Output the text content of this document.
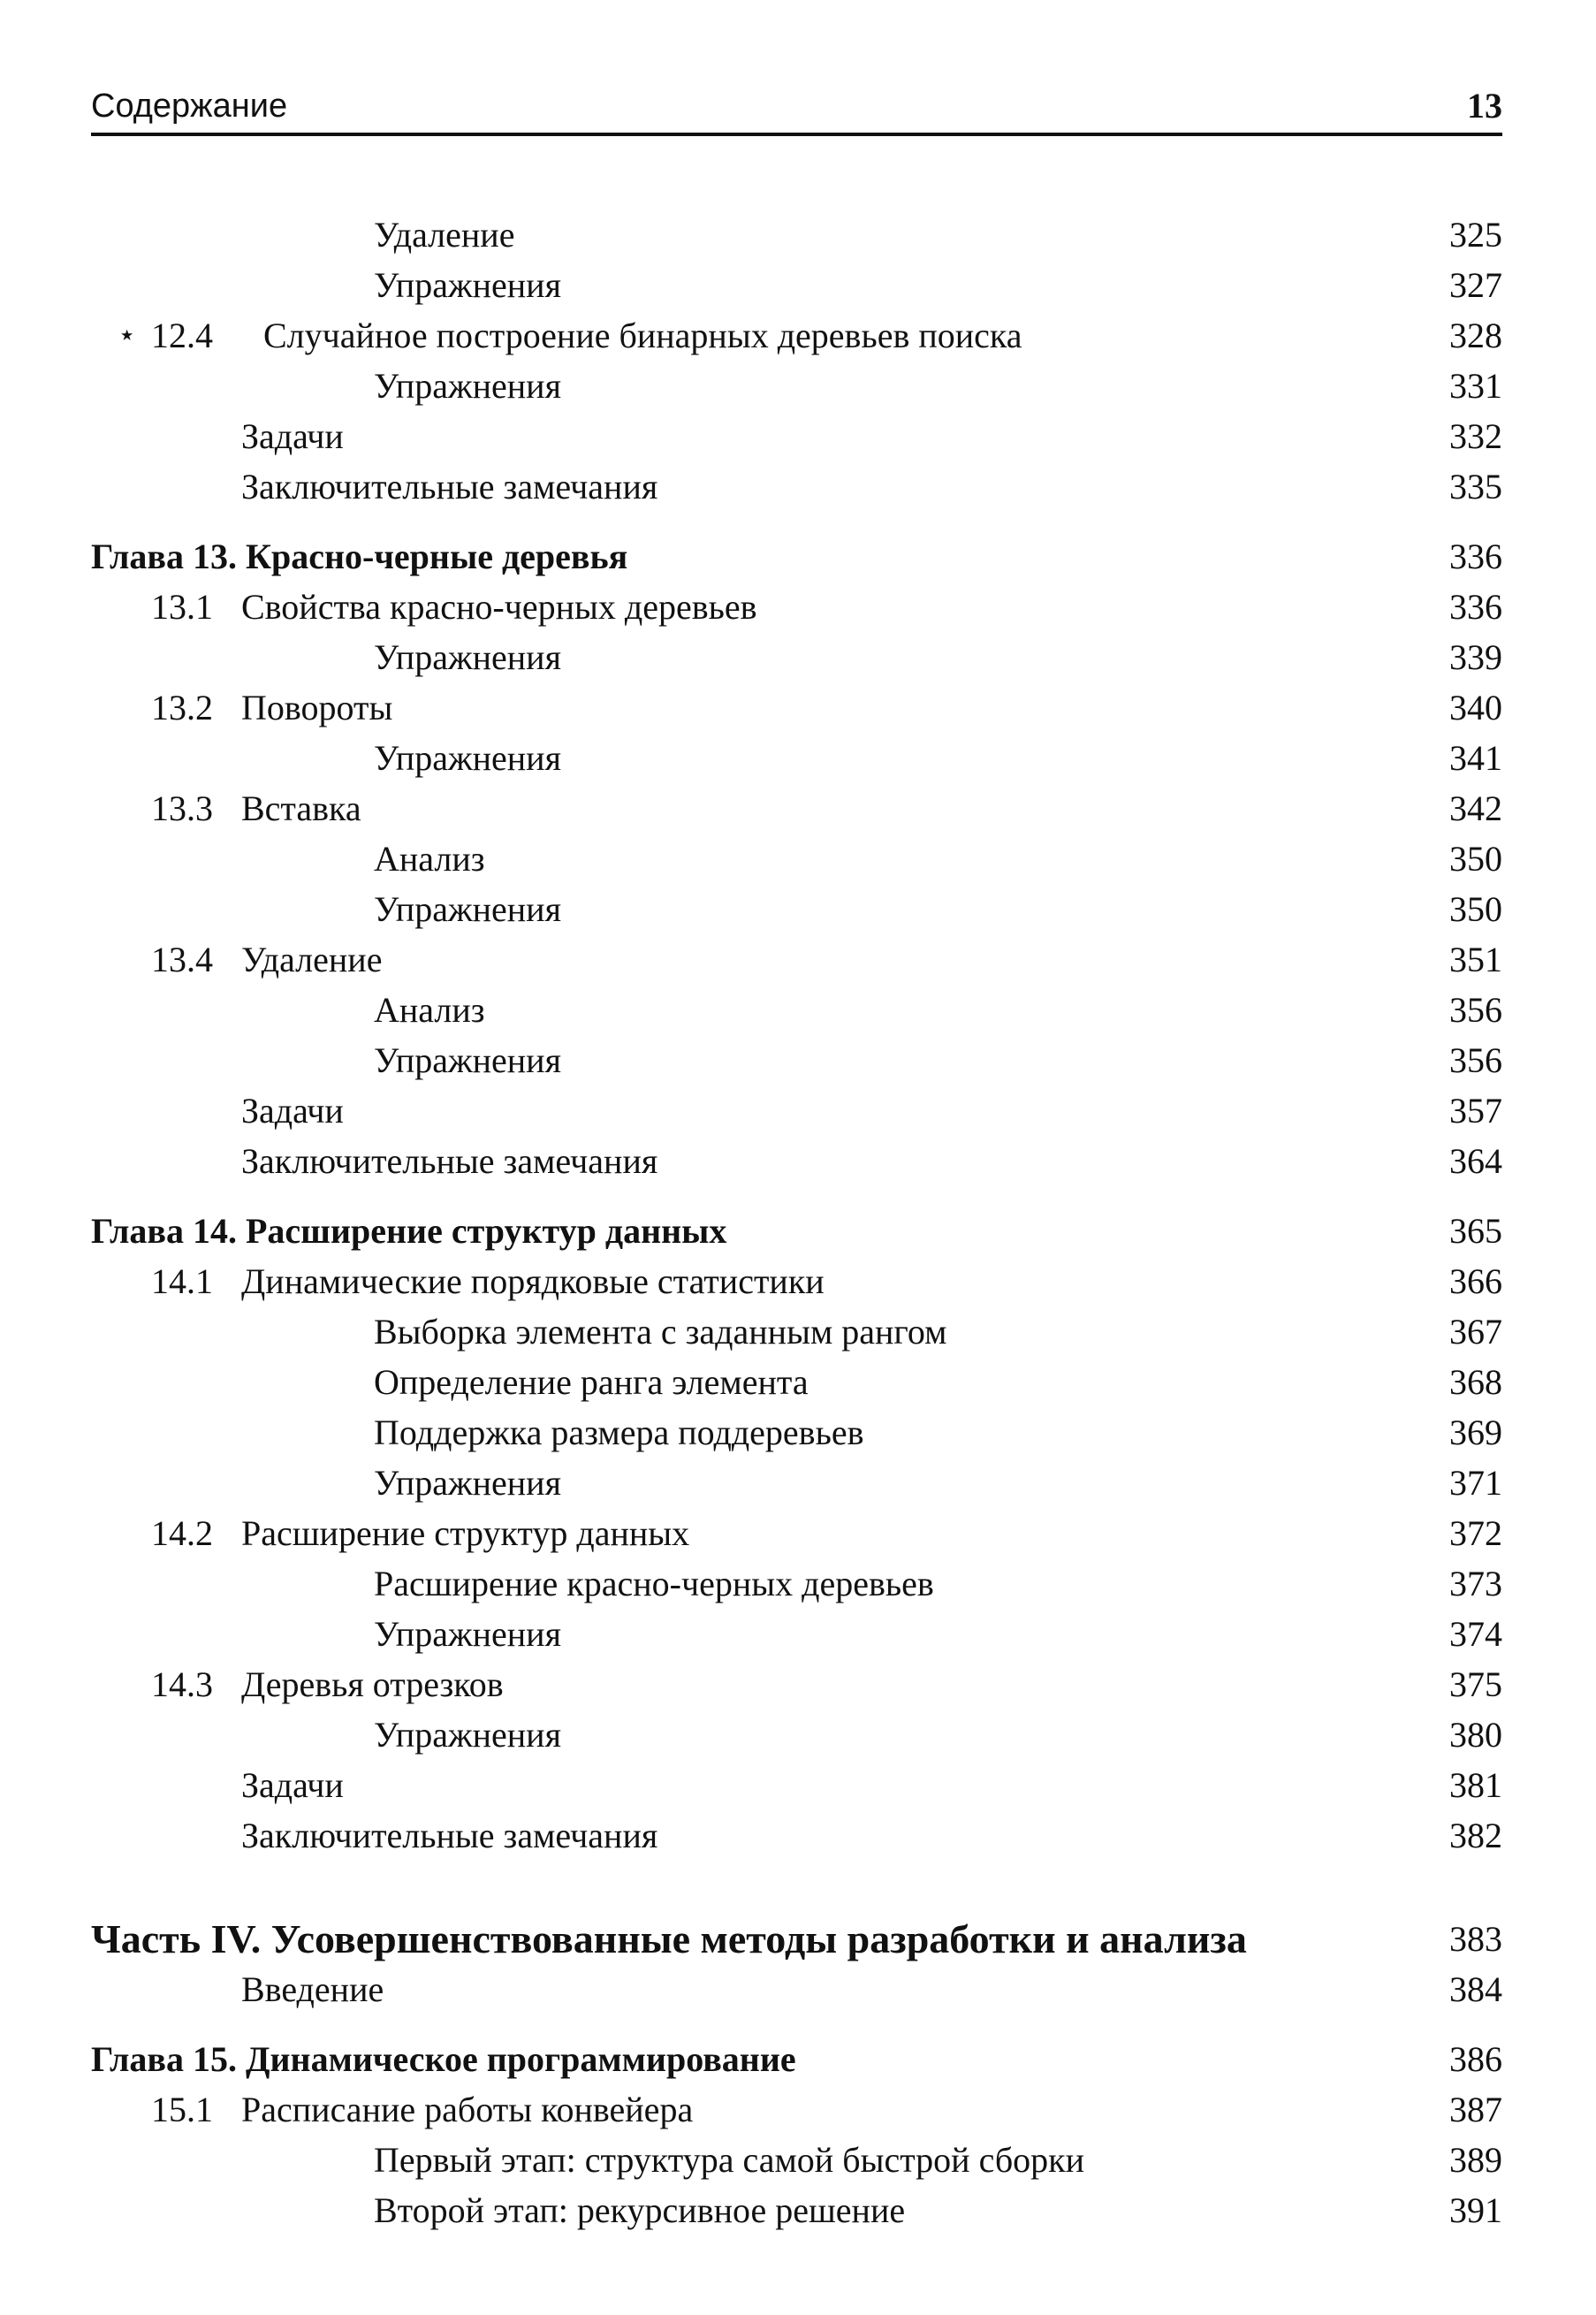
Содержание	13
Удаление	325
Упражнения	327
⋆ 12.4 Случайное построение бинарных деревьев поиска	328
Упражнения	331
Задачи	332
Заключительные замечания	335
Глава 13. Красно-черные деревья	336
13.1 Свойства красно-черных деревьев	336
Упражнения	339
13.2 Повороты	340
Упражнения	341
13.3 Вставка	342
Анализ	350
Упражнения	350
13.4 Удаление	351
Анализ	356
Упражнения	356
Задачи	357
Заключительные замечания	364
Глава 14. Расширение структур данных	365
14.1 Динамические порядковые статистики	366
Выборка элемента с заданным рангом	367
Определение ранга элемента	368
Поддержка размера поддеревьев	369
Упражнения	371
14.2 Расширение структур данных	372
Расширение красно-черных деревьев	373
Упражнения	374
14.3 Деревья отрезков	375
Упражнения	380
Задачи	381
Заключительные замечания	382
Часть IV. Усовершенствованные методы разработки и анализа	383
Введение	384
Глава 15. Динамическое программирование	386
15.1 Расписание работы конвейера	387
Первый этап: структура самой быстрой сборки	389
Второй этап: рекурсивное решение	391
